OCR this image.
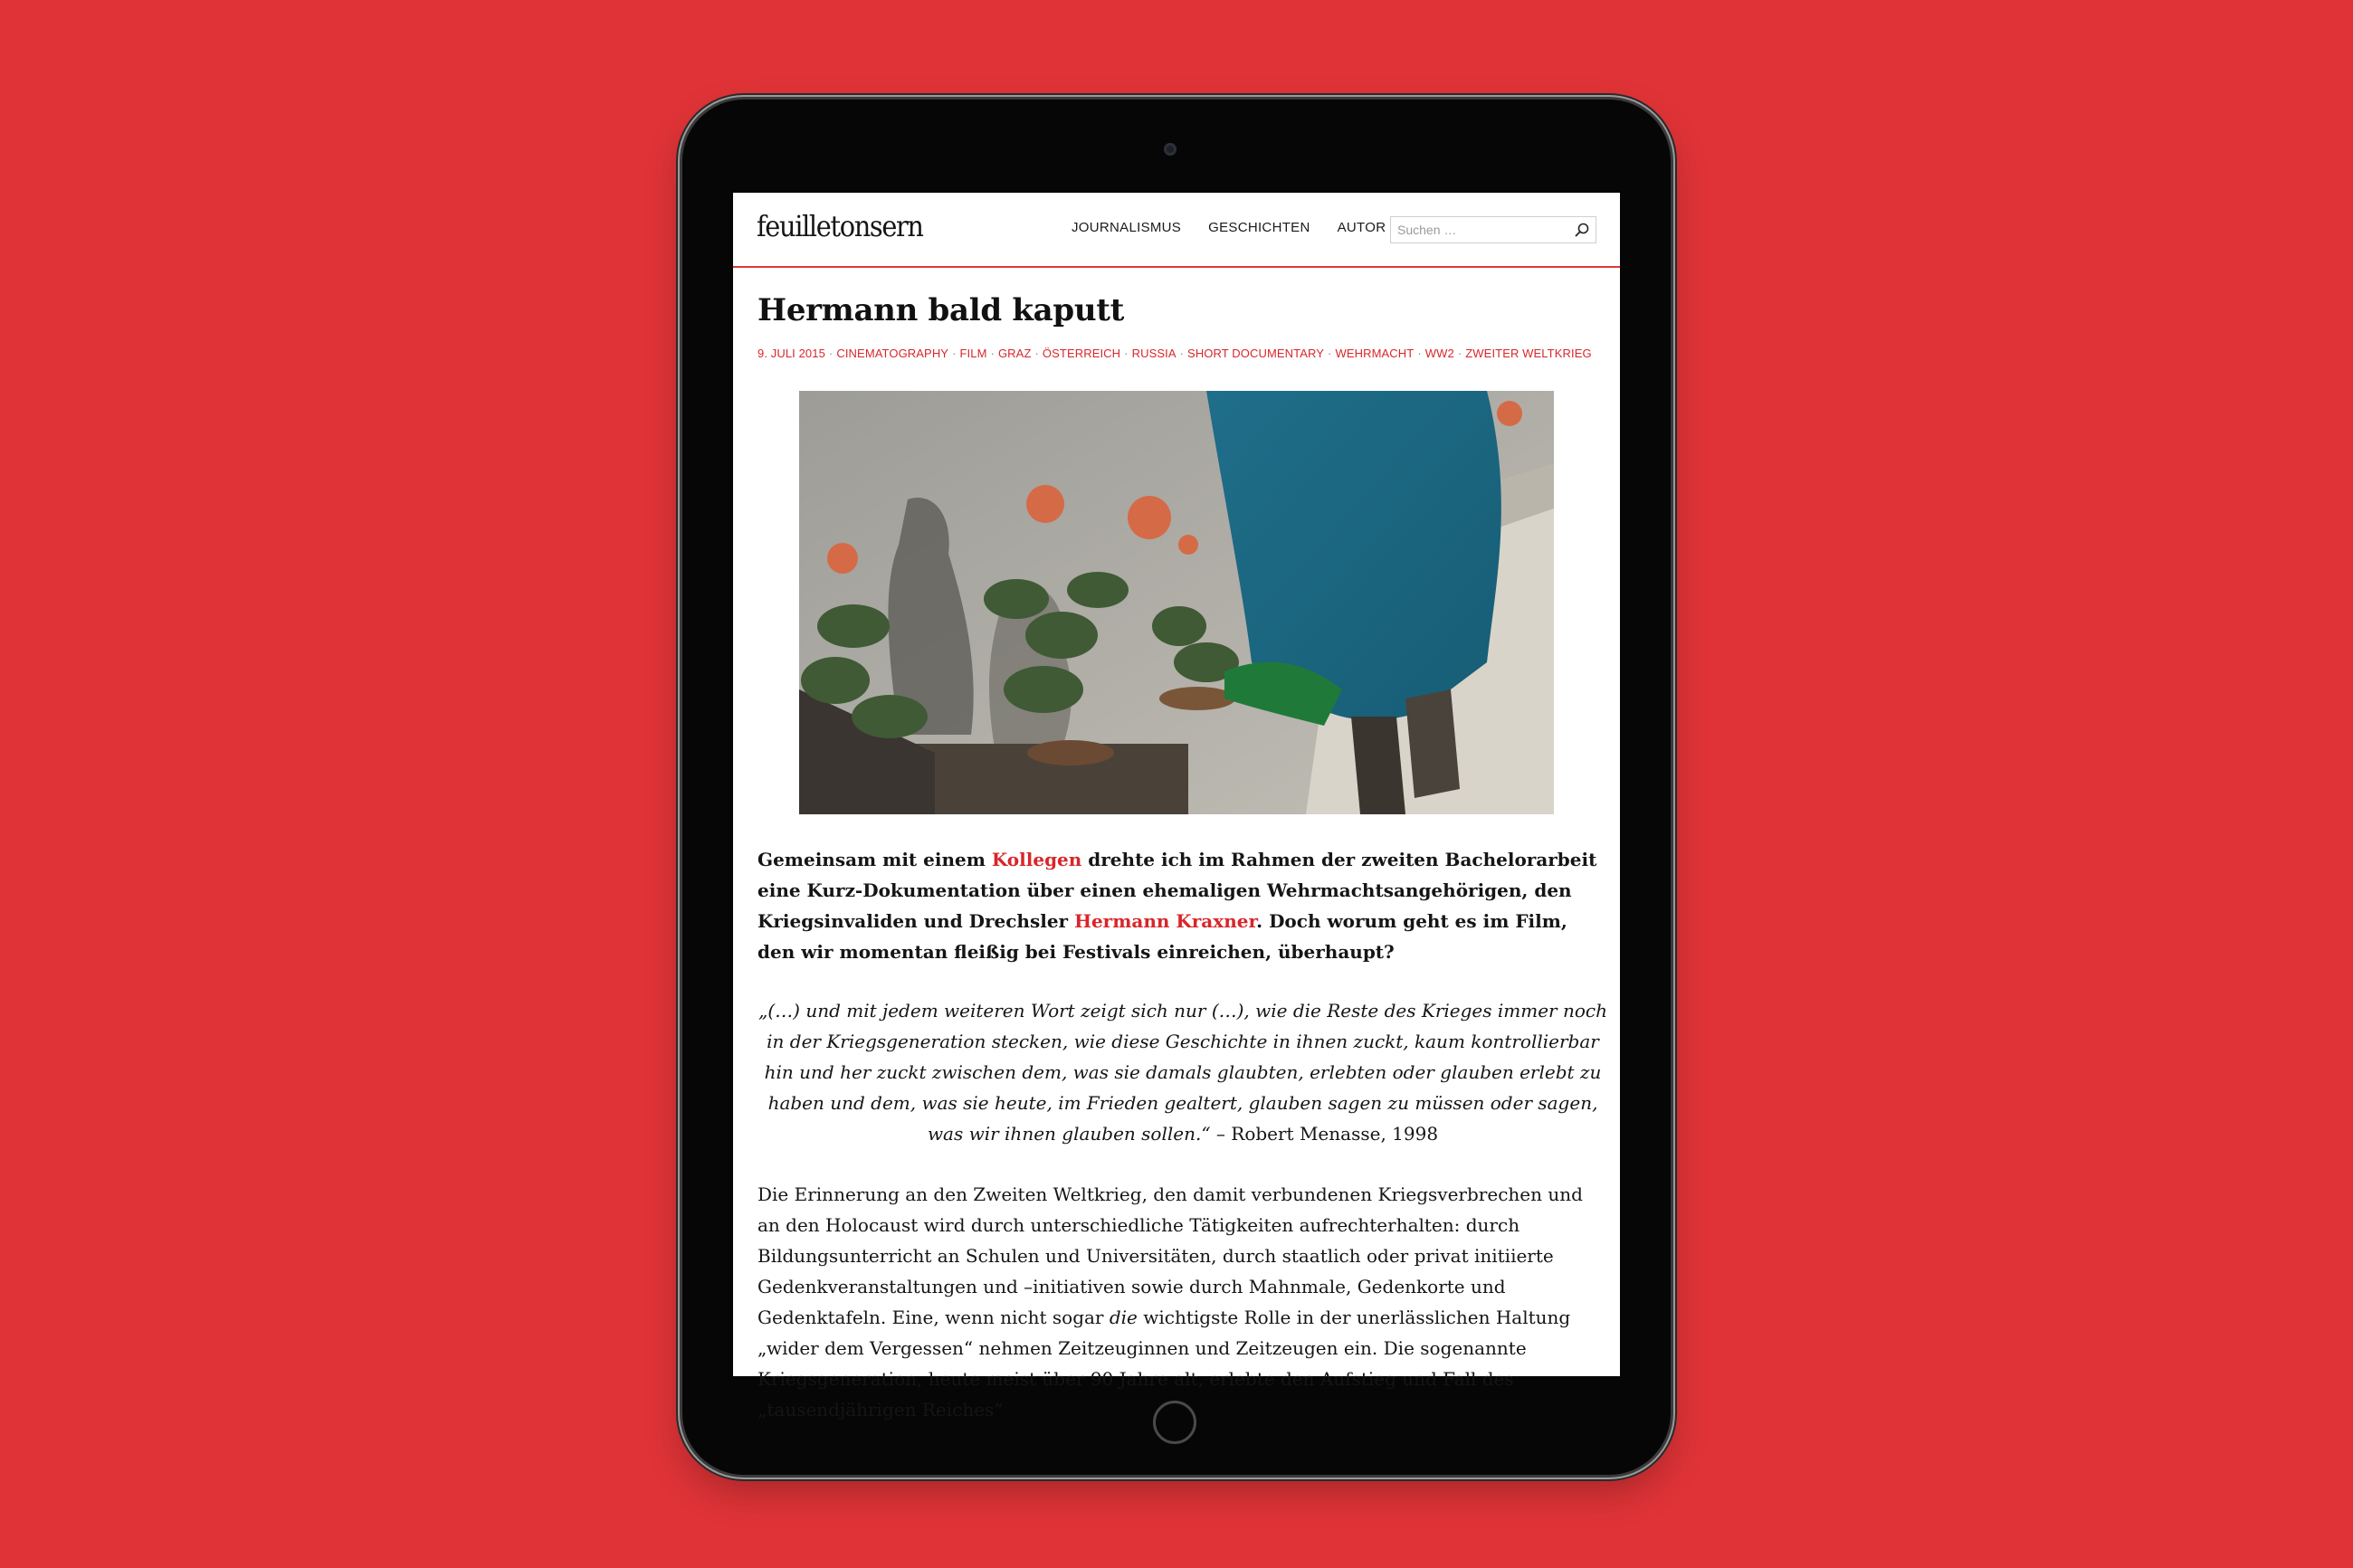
feuilletonsern	JOURNALISMUS GESCHICHTEN AUTOR
Suchen …
Hermann bald kaputt
9. JULI 2015 · CINEMATOGRAPHY · FILM · GRAZ · ÖSTERREICH · RUSSIA · SHORT DOCUMENTARY · WEHRMACHT · WW2 · ZWEITER WELTKRIEG
Gemeinsam mit einem Kollegen drehte ich im Rahmen der zweiten Bachelorarbeit eine Kurz-Dokumentation über einen ehemaligen Wehrmachtsangehörigen, den Kriegsinvaliden und Drechsler Hermann Kraxner. Doch worum geht es im Film, den wir momentan fleißig bei Festivals einreichen, überhaupt?
„(…) und mit jedem weiteren Wort zeigt sich nur (…), wie die Reste des Krieges immer noch in der Kriegsgeneration stecken, wie diese Geschichte in ihnen zuckt, kaum kontrollierbar hin und her zuckt zwischen dem, was sie damals glaubten, erlebten oder glauben erlebt zu haben und dem, was sie heute, im Frieden gealtert, glauben sagen zu müssen oder sagen, was wir ihnen glauben sollen.“ – Robert Menasse, 1998
Die Erinnerung an den Zweiten Weltkrieg, den damit verbundenen Kriegsverbrechen und an den Holocaust wird durch unterschiedliche Tätigkeiten aufrechterhalten: durch Bildungsunterricht an Schulen und Universitäten, durch staatlich oder privat initiierte Gedenkveranstaltungen und –initiativen sowie durch Mahnmale, Gedenkorte und Gedenktafeln. Eine, wenn nicht sogar die wichtigste Rolle in der unerlässlichen Haltung „wider dem Vergessen“ nehmen Zeitzeuginnen und Zeitzeugen ein. Die sogenannte Kriegsgeneration, heute meist über 90 Jahre alt, erlebte den Aufstieg und Fall des „tausendjährigen Reiches“
